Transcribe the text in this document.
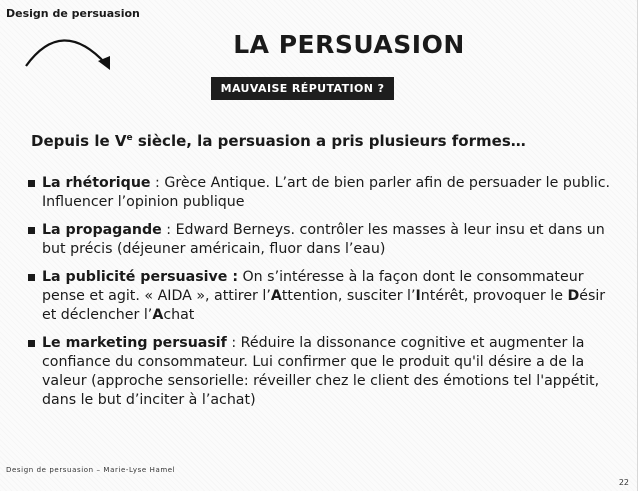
Design de persuasion
LA PERSUASION
MAUVAISE RÉPUTATION ?
Depuis le Ve siècle, la persuasion a pris plusieurs formes…
La rhétorique : Grèce Antique. L’art de bien parler afin de persuader le public. Influencer l’opinion publique
La propagande : Edward Berneys. contrôler les masses à leur insu et dans un but précis (déjeuner américain, fluor dans l’eau)
La publicité persuasive : On s’intéresse à la façon dont le consommateur pense et agit. « AIDA », attirer l’Attention, susciter l’Intérêt, provoquer le Désir et déclencher l’Achat
Le marketing persuasif : Réduire la dissonance cognitive et augmenter la confiance du consommateur. Lui confirmer que le produit qu'il désire a de la valeur (approche sensorielle: réveiller chez le client des émotions tel l'appétit, dans le but d’inciter à l’achat)
Design de persuasion – Marie-Lyse Hamel
22
